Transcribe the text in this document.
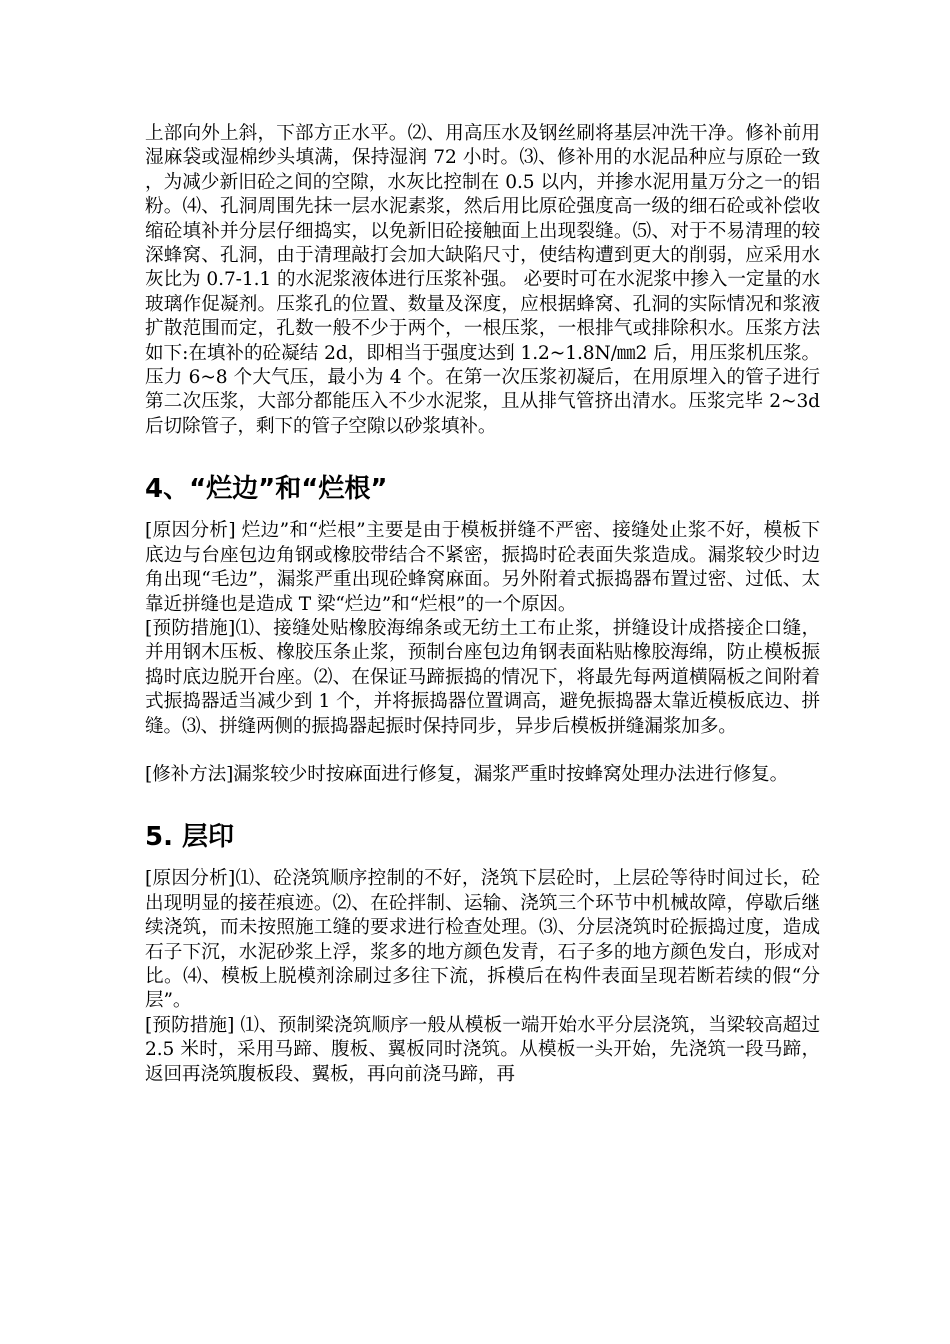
上部向外上斜，下部方正水平。⑵、用高压水及钢丝刷将基层冲洗干净。修补前用湿麻袋或湿棉纱头填满，保持湿润 72 小时。⑶、修补用的水泥品种应与原砼一致，为减少新旧砼之间的空隙，水灰比控制在 0.5 以内，并掺水泥用量万分之一的铝粉。⑷、孔洞周围先抹一层水泥素浆，然后用比原砼强度高一级的细石砼或补偿收缩砼填补并分层仔细捣实，以免新旧砼接触面上出现裂缝。⑸、对于不易清理的较深蜂窝、孔洞，由于清理敲打会加大缺陷尺寸，使结构遭到更大的削弱，应采用水灰比为 0.7-1.1 的水泥浆液体进行压浆补强。 必要时可在水泥浆中掺入一定量的水玻璃作促凝剂。压浆孔的位置、数量及深度，应根据蜂窝、孔洞的实际情况和浆液扩散范围而定，孔数一般不少于两个，一根压浆，一根排气或排除积水。压浆方法如下:在填补的砼凝结 2d，即相当于强度达到 1.2~1.8N/㎜2 后，用压浆机压浆。压力 6~8 个大气压，最小为 4 个。在第一次压浆初凝后，在用原埋入的管子进行第二次压浆，大部分都能压入不少水泥浆，且从排气管挤出清水。压浆完毕 2~3d 后切除管子，剩下的管子空隙以砂浆填补。

4、“烂边”和“烂根”

[原因分析] 烂边”和“烂根”主要是由于模板拼缝不严密、接缝处止浆不好，模板下底边与台座包边角钢或橡胶带结合不紧密，振捣时砼表面失浆造成。漏浆较少时边角出现“毛边”，漏浆严重出现砼蜂窝麻面。另外附着式振捣器布置过密、过低、太靠近拼缝也是造成 T 梁“烂边”和“烂根”的一个原因。

[预防措施]⑴、接缝处贴橡胶海绵条或无纺土工布止浆，拼缝设计成搭接企口缝，并用钢木压板、橡胶压条止浆，预制台座包边角钢表面粘贴橡胶海绵，防止模板振捣时底边脱开台座。⑵、在保证马蹄振捣的情况下，将最先每两道横隔板之间附着式振捣器适当减少到 1 个，并将振捣器位置调高，避免振捣器太靠近模板底边、拼缝。⑶、拼缝两侧的振捣器起振时保持同步，异步后模板拼缝漏浆加多。

[修补方法]漏浆较少时按麻面进行修复，漏浆严重时按蜂窝处理办法进行修复。

5. 层印

[原因分析]⑴、砼浇筑顺序控制的不好，浇筑下层砼时，上层砼等待时间过长，砼出现明显的接茬痕迹。⑵、在砼拌制、运输、浇筑三个环节中机械故障，停歇后继续浇筑，而未按照施工缝的要求进行检查处理。⑶、分层浇筑时砼振捣过度，造成石子下沉，水泥砂浆上浮，浆多的地方颜色发青，石子多的地方颜色发白，形成对比。⑷、模板上脱模剂涂刷过多往下流，拆模后在构件表面呈现若断若续的假“分层”。

[预防措施] ⑴、预制梁浇筑顺序一般从模板一端开始水平分层浇筑，当梁较高超过 2.5 米时，采用马蹄、腹板、翼板同时浇筑。从模板一头开始，先浇筑一段马蹄，返回再浇筑腹板段、翼板，再向前浇马蹄，再
